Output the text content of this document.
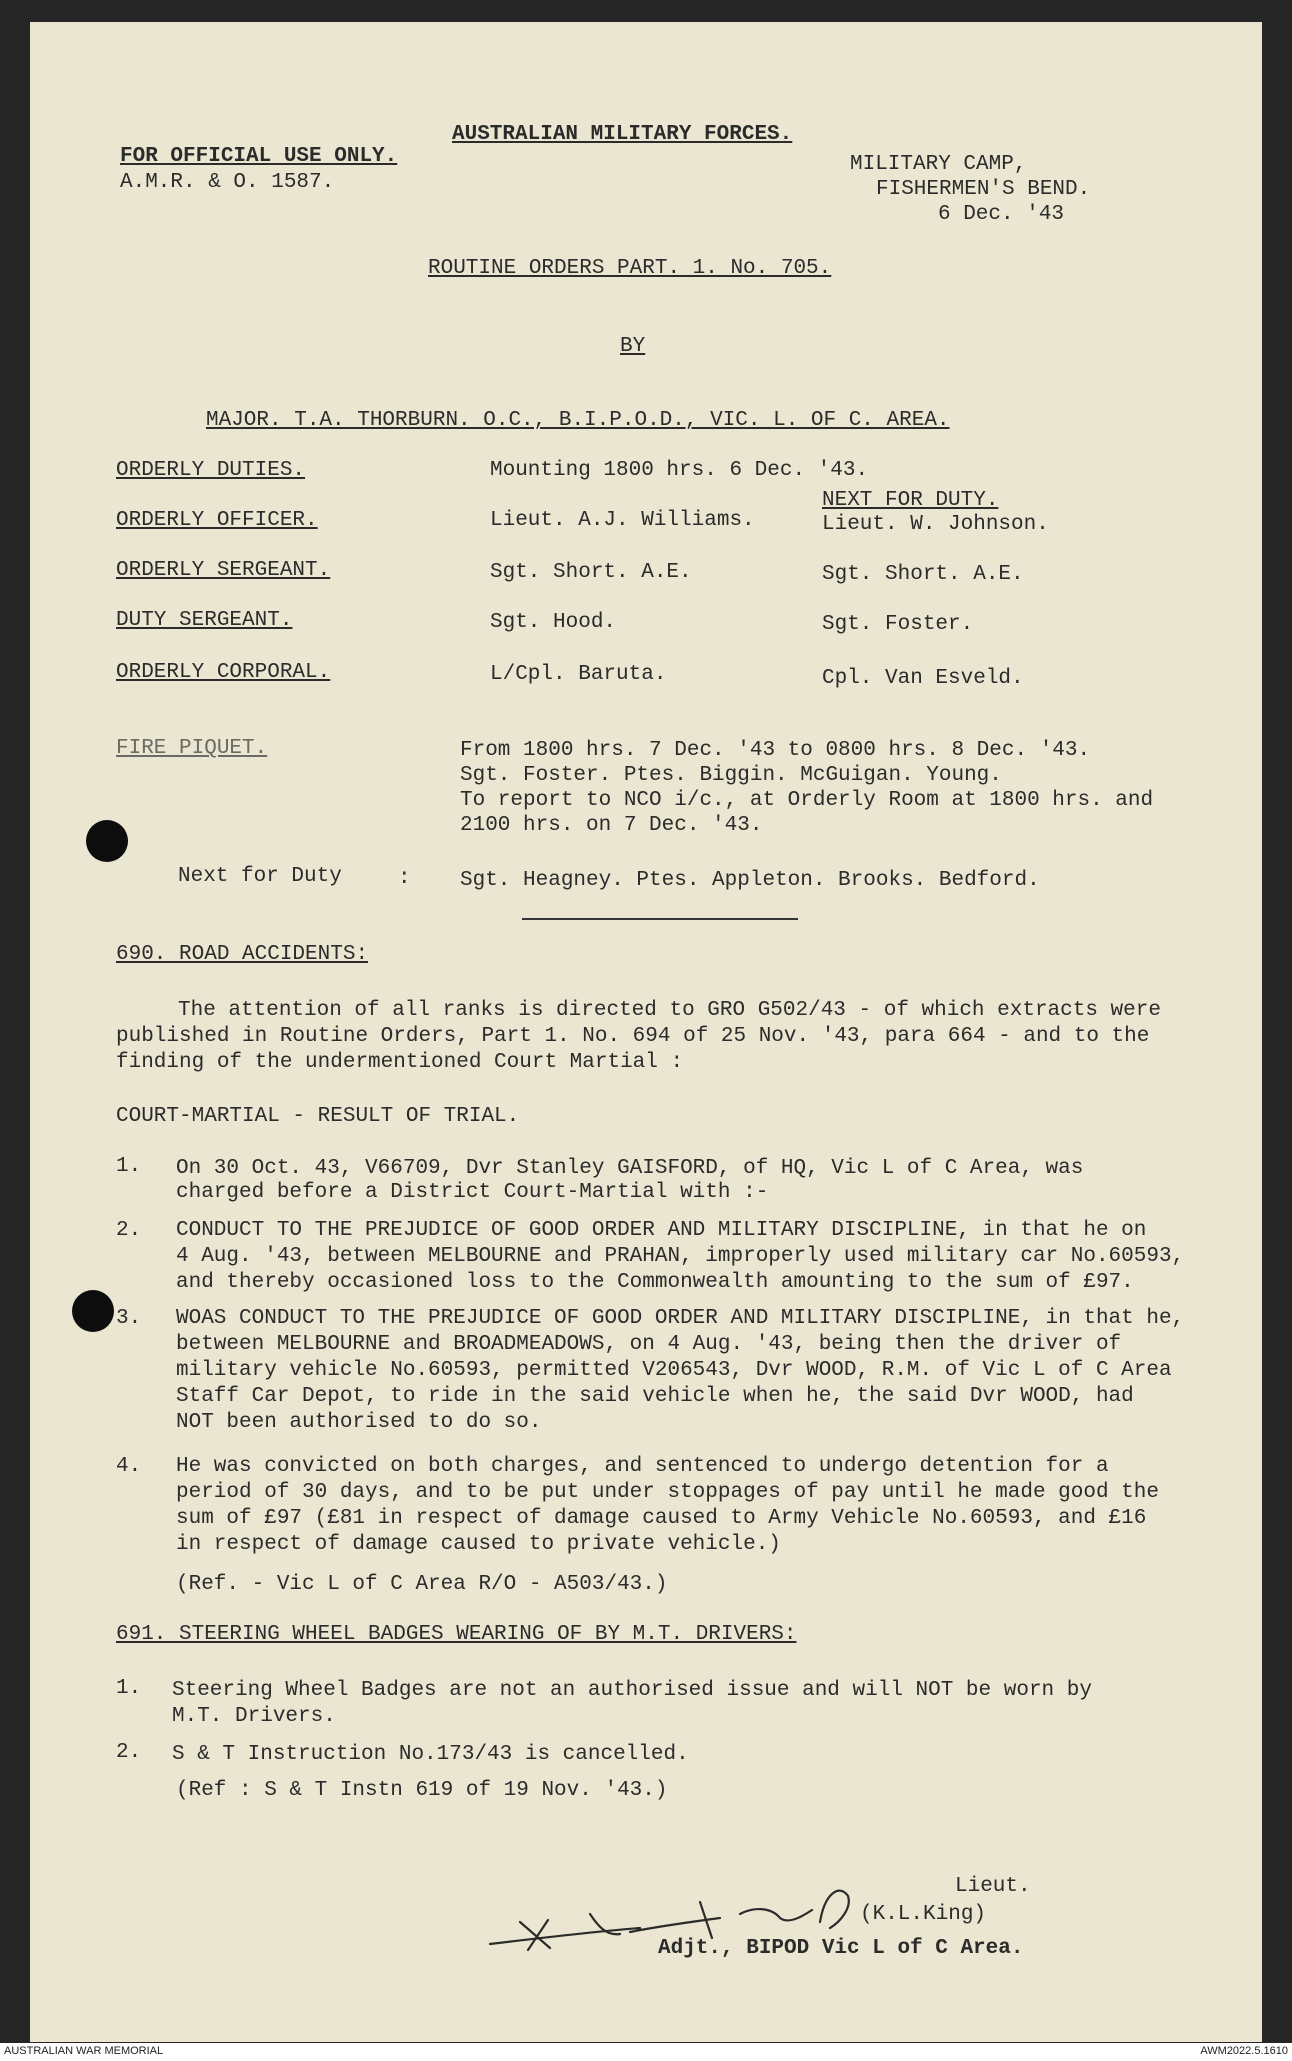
FOR OFFICIAL USE ONLY.
A.M.R. & O. 1587.
AUSTRALIAN MILITARY FORCES.
MILITARY CAMP,
FISHERMEN'S BEND.
6 Dec. '43
ROUTINE ORDERS PART. 1. No. 705.
BY
MAJOR. T.A. THORBURN. O.C., B.I.P.O.D., VIC. L. OF C. AREA.
ORDERLY DUTIES.	Mounting 1800 hrs. 6 Dec. '43.
NEXT FOR DUTY.
ORDERLY OFFICER.	Lieut. A.J. Williams.	Lieut. W. Johnson.
ORDERLY SERGEANT.	Sgt. Short. A.E.	Sgt. Short. A.E.
DUTY SERGEANT.	Sgt. Hood.	Sgt. Foster.
ORDERLY CORPORAL.	L/Cpl. Baruta.	Cpl. Van Esveld.
FIRE PIQUET.	From 1800 hrs. 7 Dec. '43 to 0800 hrs. 8 Dec. '43.
Sgt. Foster. Ptes. Biggin. McGuigan. Young.
To report to NCO i/c., at Orderly Room at 1800 hrs. and
2100 hrs. on 7 Dec. '43.
Next for Duty	: Sgt. Heagney. Ptes. Appleton. Brooks. Bedford.
690. ROAD ACCIDENTS:
The attention of all ranks is directed to GRO G502/43 - of which extracts were
published in Routine Orders, Part 1. No. 694 of 25 Nov. '43, para 664 - and to the
finding of the undermentioned Court Martial :
COURT-MARTIAL - RESULT OF TRIAL.
1. On 30 Oct. 43, V66709, Dvr Stanley GAISFORD, of HQ, Vic L of C Area, was
charged before a District Court-Martial with :-
2. CONDUCT TO THE PREJUDICE OF GOOD ORDER AND MILITARY DISCIPLINE, in that he on
4 Aug. '43, between MELBOURNE and PRAHAN, improperly used military car No.60593,
and thereby occasioned loss to the Commonwealth amounting to the sum of £97.
3. WOAS CONDUCT TO THE PREJUDICE OF GOOD ORDER AND MILITARY DISCIPLINE, in that he,
between MELBOURNE and BROADMEADOWS, on 4 Aug. '43, being then the driver of
military vehicle No.60593, permitted V206543, Dvr WOOD, R.M. of Vic L of C Area
Staff Car Depot, to ride in the said vehicle when he, the said Dvr WOOD, had
NOT been authorised to do so.
4. He was convicted on both charges, and sentenced to undergo detention for a
period of 30 days, and to be put under stoppages of pay until he made good the
sum of £97 (£81 in respect of damage caused to Army Vehicle No.60593, and £16
in respect of damage caused to private vehicle.)
(Ref. - Vic L of C Area R/O - A503/43.)
691. STEERING WHEEL BADGES WEARING OF BY M.T. DRIVERS:
1. Steering Wheel Badges are not an authorised issue and will NOT be worn by
M.T. Drivers.
2. S & T Instruction No.173/43 is cancelled.
(Ref : S & T Instn 619 of 19 Nov. '43.)
Lieut.
(K.L.King)
Adjt., BIPOD Vic L of C Area.
AUSTRALIAN WAR MEMORIAL	AWM2022.5.1610
